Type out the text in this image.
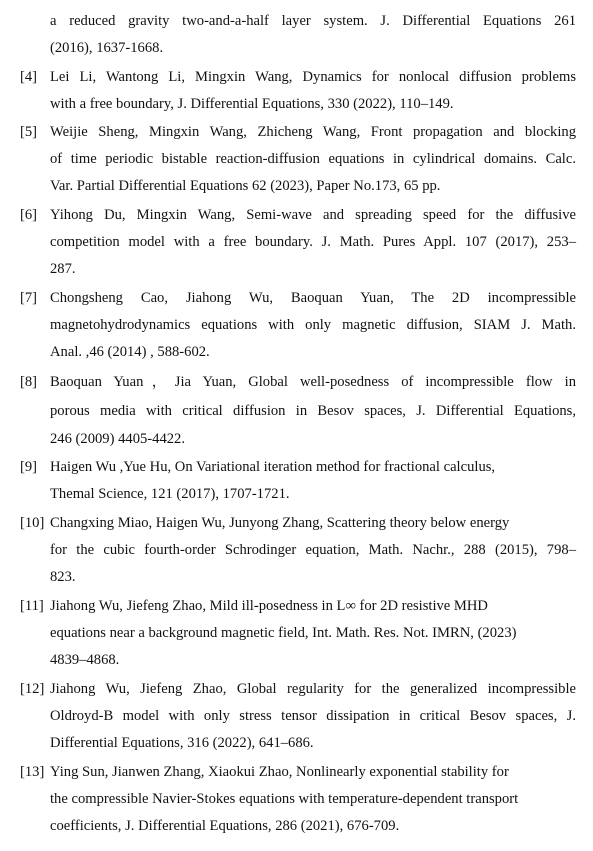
a reduced gravity two-and-a-half layer system. J. Differential Equations 261
(2016), 1637-1668.
[4] Lei Li, Wantong Li, Mingxin Wang, Dynamics for nonlocal diffusion problems
with a free boundary, J. Differential Equations, 330 (2022), 110–149.
[5] Weijie Sheng, Mingxin Wang, Zhicheng Wang, Front propagation and blocking
of time periodic bistable reaction-diffusion equations in cylindrical domains. Calc.
Var. Partial Differential Equations 62 (2023), Paper No.173, 65 pp.
[6] Yihong Du, Mingxin Wang, Semi-wave and spreading speed for the diffusive
competition model with a free boundary. J. Math. Pures Appl. 107 (2017), 253–
287.
[7] Chongsheng Cao, Jiahong Wu, Baoquan Yuan, The 2D incompressible
magnetohydrodynamics equations with only magnetic diffusion, SIAM J. Math.
Anal. ,46 (2014) , 588-602.
[8] Baoquan Yuan，Jia Yuan, Global well-posedness of incompressible flow in
porous media with critical diffusion in Besov spaces, J. Differential Equations,
246 (2009) 4405-4422.
[9] Haigen Wu ,Yue Hu, On Variational iteration method for fractional calculus,
Themal Science, 121 (2017), 1707-1721.
[10] Changxing Miao, Haigen Wu, Junyong Zhang, Scattering theory below energy
for the cubic fourth-order Schrodinger equation, Math. Nachr., 288 (2015), 798–
823.
[11] Jiahong Wu, Jiefeng Zhao, Mild ill-posedness in L∞ for 2D resistive MHD
equations near a background magnetic field, Int. Math. Res. Not. IMRN, (2023)
4839–4868.
[12] Jiahong Wu, Jiefeng Zhao, Global regularity for the generalized incompressible
Oldroyd-B model with only stress tensor dissipation in critical Besov spaces, J.
Differential Equations, 316 (2022), 641–686.
[13] Ying Sun, Jianwen Zhang, Xiaokui Zhao, Nonlinearly exponential stability for
the compressible Navier-Stokes equations with temperature-dependent transport
coefficients, J. Differential Equations, 286 (2021), 676-709.
